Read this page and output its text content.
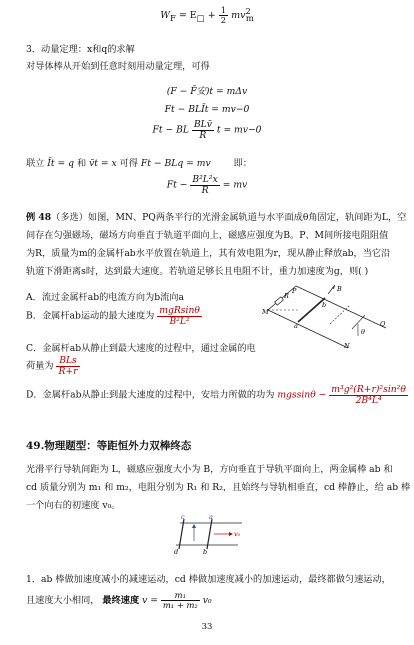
$W_F = E_□ + \frac{1}{2} mv^2_m$
3．动量定理：x和q的求解
对导体棒从开始到任意时刻用动量定理，可得
(F − F̄安)t = mΔv
Ft − BLĪt = mv−0
Ft − BL $\frac{\text{BLv̄}}{R}$ t = mv−0
联立 Īt = q 和 v̄t = x 可得 Ft − BLq = mv 即：
$Ft - \frac{\text{B²L²x}}{R}$ = mv
例 48（多选）如图，MN、PQ两条平行的光滑金属轨道与水平面成θ角固定，轨间距为L，空
间存在匀强磁场，磁场方向垂直于轨道平面向上，磁感应强度为B。P、M间所接电阻阻值
为R，质量为m的金属杆ab水平放置在轨道上，其有效电阻为r，现从静止释放ab，当它沿
轨道下滑距离s时，达到最大速度。若轨道足够长且电阻不计，重力加速度为g，则( )
A．流过金属杆ab的电流方向为b流向a
B．金属杆ab运动的最大速度为 $\frac{\text{mgRsinθ}}{\text{B²L²}}$
C．金属杆ab从静止到最大速度的过程中，通过金属的电
荷量为 $\frac{\text{BLs}}{R+r}$
D．金属杆ab从静止到最大速度的过程中，安培力所做的功为 $mgssin\theta - \frac{\text{m³g²(R+r)²sin²θ}}{\text{2B⁴L⁴}}$
M
P
R
B
a
b
θ
Q
N
49.物理题型：等距恒外力双棒终态
光滑平行导轨间距为 L，磁感应强度大小为 B，方向垂直于导轨平面向上，两金属棒 ab 和
cd 质量分别为 m₁ 和 m₂，电阻分别为 R₁ 和 R₂，且始终与导轨相垂直，cd 棒静止，给 ab 棒
一个向右的初速度 v₀。
c	a
d	b
v₀
1．ab 棒做加速度减小的减速运动，cd 棒做加速度减小的加速运动，最终都做匀速运动，
且速度大小相同， 最终速度 $v = \frac{\text{m₁}}{\text{m₁ + m₂}} v_0$
33
